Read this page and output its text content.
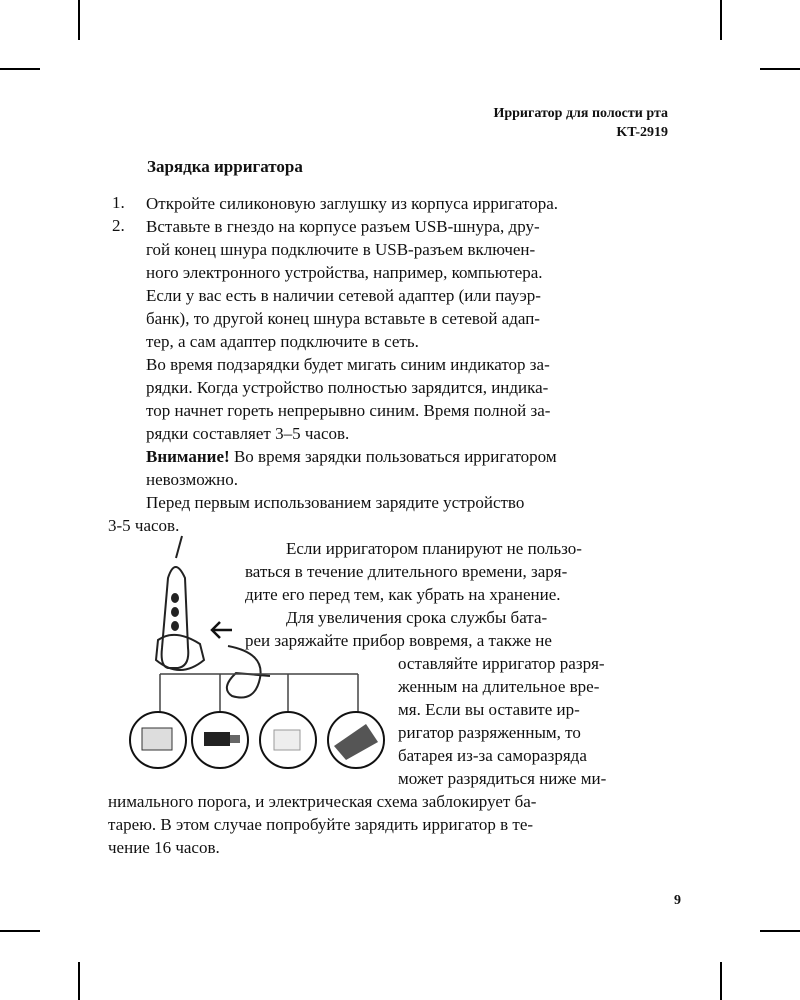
Ирригатор для полости рта
KT-2919
Зарядка ирригатора
1. Откройте силиконовую заглушку из корпуса ирригатора.
2. Вставьте в гнездо на корпусе разъем USB-шнура, дру-
гой конец шнура подключите в USB-разъем включен-
ного электронного устройства, например, компьютера.
Если у вас есть в наличии сетевой адаптер (или пауэр-
банк), то другой конец шнура вставьте в сетевой адап-
тер, а сам адаптер подключите в сеть.
Во время подзарядки будет мигать синим индикатор за-
рядки. Когда устройство полностью зарядится, индика-
тор начнет гореть непрерывно синим. Время полной за-
рядки составляет 3–5 часов.
Внимание! Во время зарядки пользоваться ирригатором
невозможно.
Перед первым использованием зарядите устройство
3-5 часов.
Если ирригатором планируют не пользо-
ваться в течение длительного времени, заря-
дите его перед тем, как убрать на хранение.
Для увеличения срока службы бата-
реи заряжайте прибор вовремя, а также не
оставляйте ирригатор разря-
женным на длительное вре-
мя. Если вы оставите ир-
ригатор разряженным, то
батарея из-за саморазряда
может разрядиться ниже ми-
нимального порога, и электрическая схема заблокирует ба-
тарею. В этом случае попробуйте зарядить ирригатор в те-
чение 16 часов.
9
